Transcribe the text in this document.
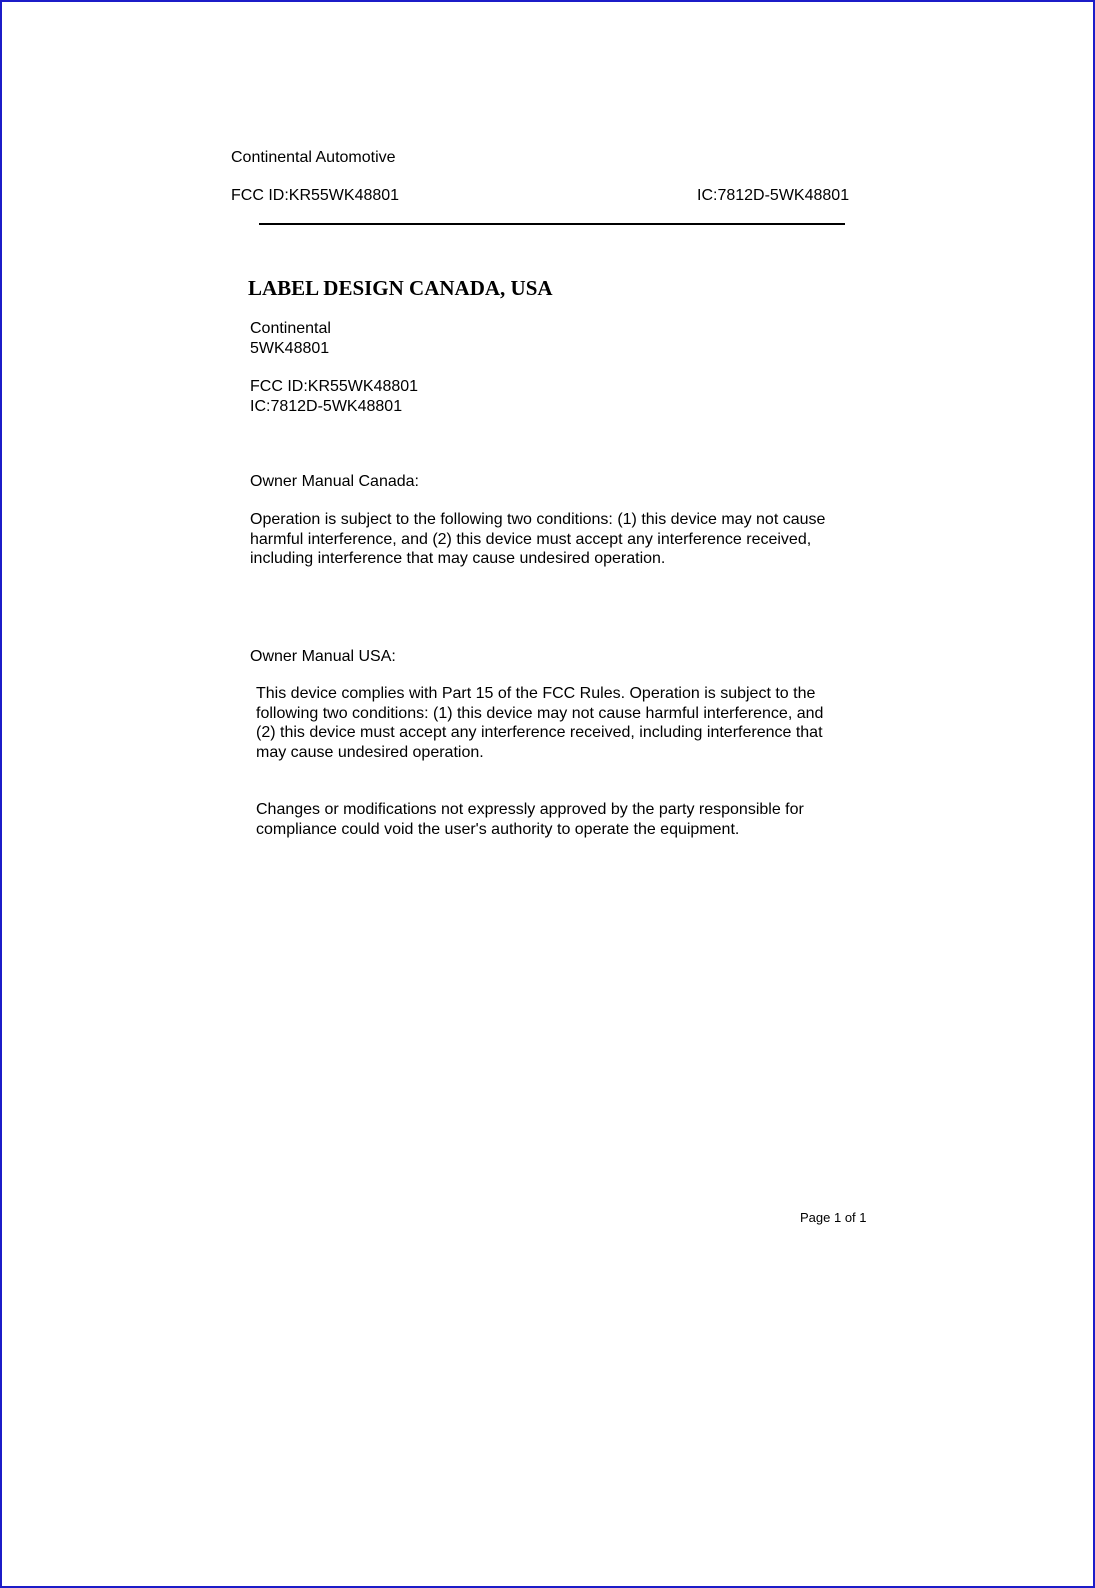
Continental Automotive
FCC ID:KR55WK48801	IC:7812D-5WK48801
LABEL DESIGN CANADA, USA
Continental
5WK48801
FCC ID:KR55WK48801
IC:7812D-5WK48801
Owner Manual Canada:
Operation is subject to the following two conditions: (1) this device may not cause
harmful interference, and (2) this device must accept any interference received,
including interference that may cause undesired operation.
Owner Manual USA:
This device complies with Part 15 of the FCC Rules. Operation is subject to the
following two conditions: (1) this device may not cause harmful interference, and
(2) this device must accept any interference received, including interference that
may cause undesired operation.
Changes or modifications not expressly approved by the party responsible for
compliance could void the user's authority to operate the equipment.
Page 1 of 1
